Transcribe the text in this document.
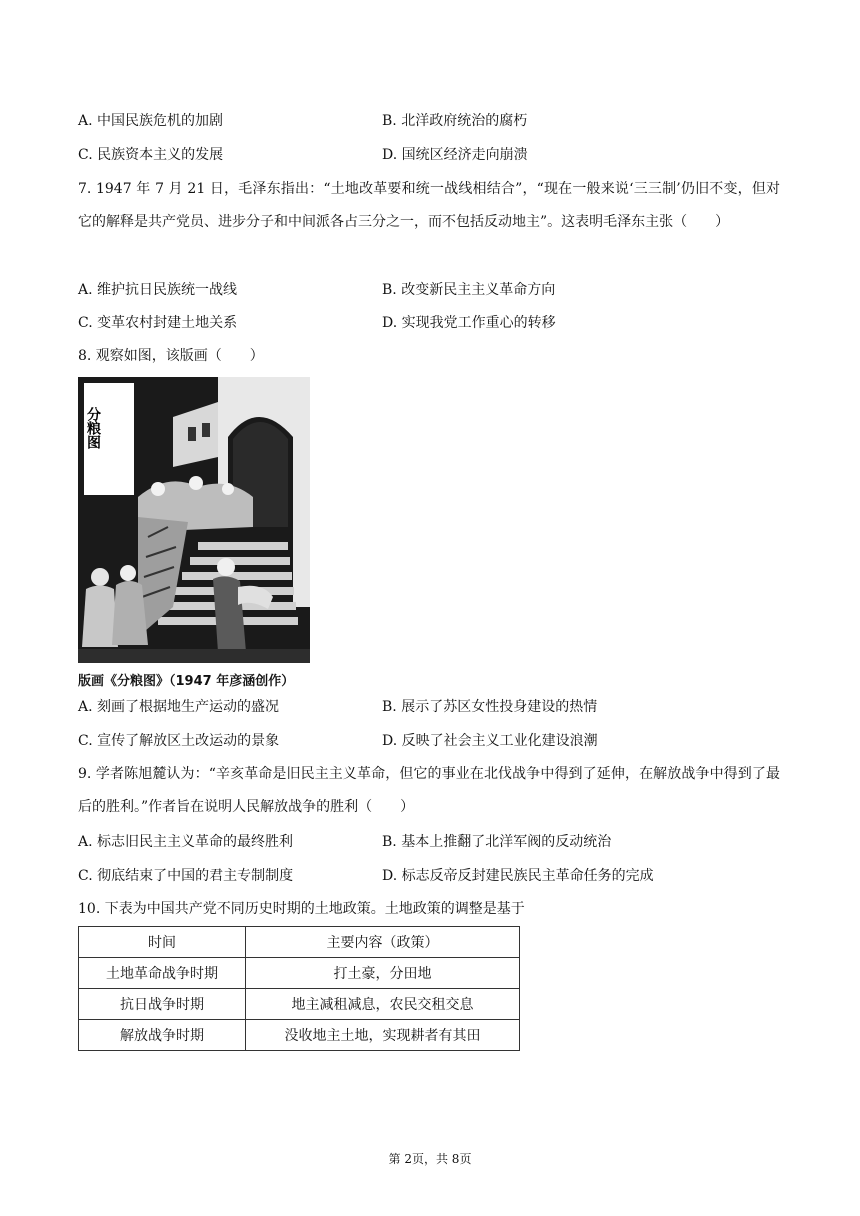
A. 中国民族危机的加剧	B. 北洋政府统治的腐朽
C. 民族资本主义的发展	D. 国统区经济走向崩溃
7. 1947 年 7 月 21 日，毛泽东指出：“土地改革要和统一战线相结合”，“现在一般来说‘三三制’仍旧不变，但对它的解释是共产党员、进步分子和中间派各占三分之一，而不包括反动地主”。这表明毛泽东主张（　　）
A. 维护抗日民族统一战线	B. 改变新民主主义革命方向
C. 变革农村封建土地关系	D. 实现我党工作重心的转移
8. 观察如图，该版画（　　）
分粮图
版画《分粮图》（1947 年彦涵创作）
A. 刻画了根据地生产运动的盛况	B. 展示了苏区女性投身建设的热情
C. 宣传了解放区土改运动的景象	D. 反映了社会主义工业化建设浪潮
9. 学者陈旭麓认为：“辛亥革命是旧民主主义革命，但它的事业在北伐战争中得到了延伸，在解放战争中得到了最后的胜利。”作者旨在说明人民解放战争的胜利（　　）
A. 标志旧民主主义革命的最终胜利	B. 基本上推翻了北洋军阀的反动统治
C. 彻底结束了中国的君主专制制度	D. 标志反帝反封建民族民主革命任务的完成
10. 下表为中国共产党不同历史时期的土地政策。土地政策的调整是基于
时间	主要内容（政策）
土地革命战争时期	打土豪，分田地
抗日战争时期	地主减租减息，农民交租交息
解放战争时期	没收地主土地，实现耕者有其田
第 2页，共 8页
